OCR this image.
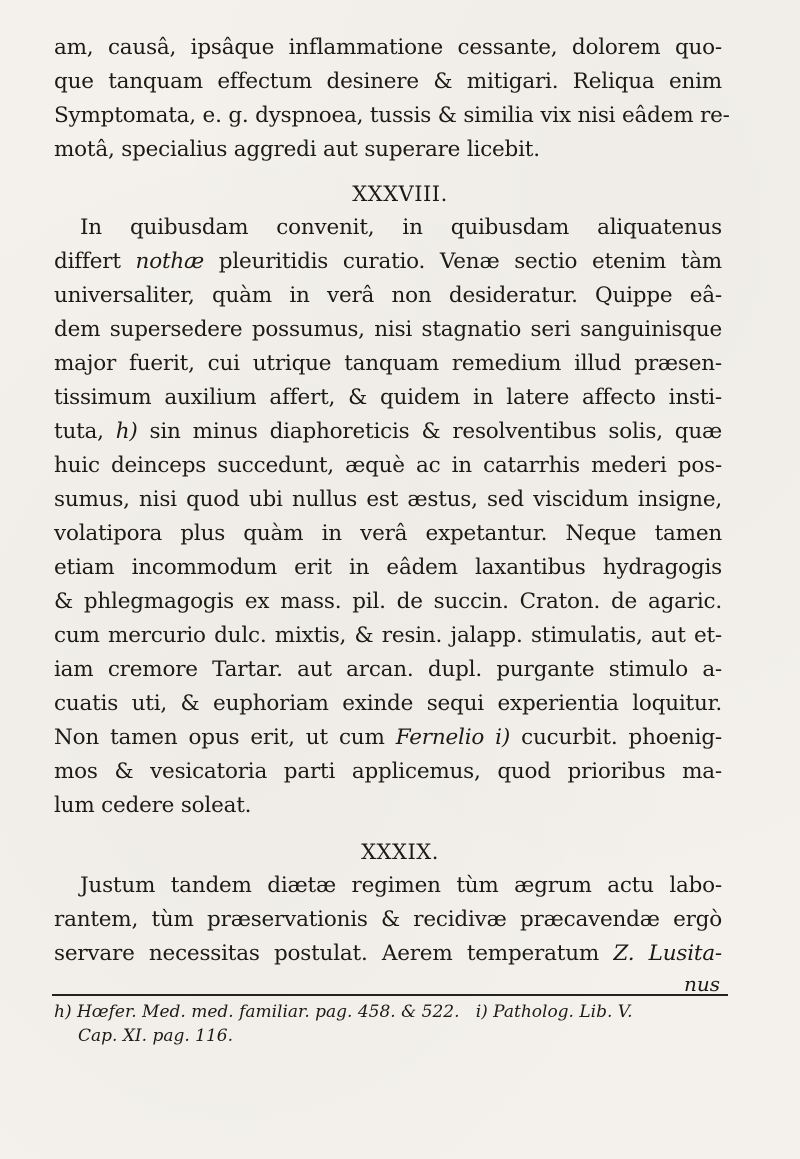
am, causâ, ipsâque inflammatione cessante, dolorem quo-
que tanquam effectum desinere & mitigari. Reliqua enim
Symptomata, e. g. dyspnoea, tussis & similia vix nisi eâdem re-
motâ, specialius aggredi aut superare licebit.
XXXVIII.
In quibusdam convenit, in quibusdam aliquatenus
differt nothæ pleuritidis curatio. Venæ sectio etenim tàm
universaliter, quàm in verâ non desideratur. Quippe eâ-
dem supersedere possumus, nisi stagnatio seri sanguinisque
major fuerit, cui utrique tanquam remedium illud præsen-
tissimum auxilium affert, & quidem in latere affecto insti-
tuta, h) sin minus diaphoreticis & resolventibus solis, quæ
huic deinceps succedunt, æquè ac in catarrhis mederi pos-
sumus, nisi quod ubi nullus est æstus, sed viscidum insigne,
volatipora plus quàm in verâ expetantur. Neque tamen
etiam incommodum erit in eâdem laxantibus hydragogis
& phlegmagogis ex mass. pil. de succin. Craton. de agaric.
cum mercurio dulc. mixtis, & resin. jalapp. stimulatis, aut et-
iam cremore Tartar. aut arcan. dupl. purgante stimulo a-
cuatis uti, & euphoriam exinde sequi experientia loquitur.
Non tamen opus erit, ut cum Fernelio i) cucurbit. phoenig-
mos & vesicatoria parti applicemus, quod prioribus ma-
lum cedere soleat.
XXXIX.
Justum tandem diætæ regimen tùm ægrum actu labo-
rantem, tùm præservationis & recidivæ præcavendæ ergò
servare necessitas postulat. Aerem temperatum Z. Lusita-
nus
h) Hœfer. Med. med. familiar. pag. 458. & 522. i) Patholog. Lib. V.
Cap. XI. pag. 116.
